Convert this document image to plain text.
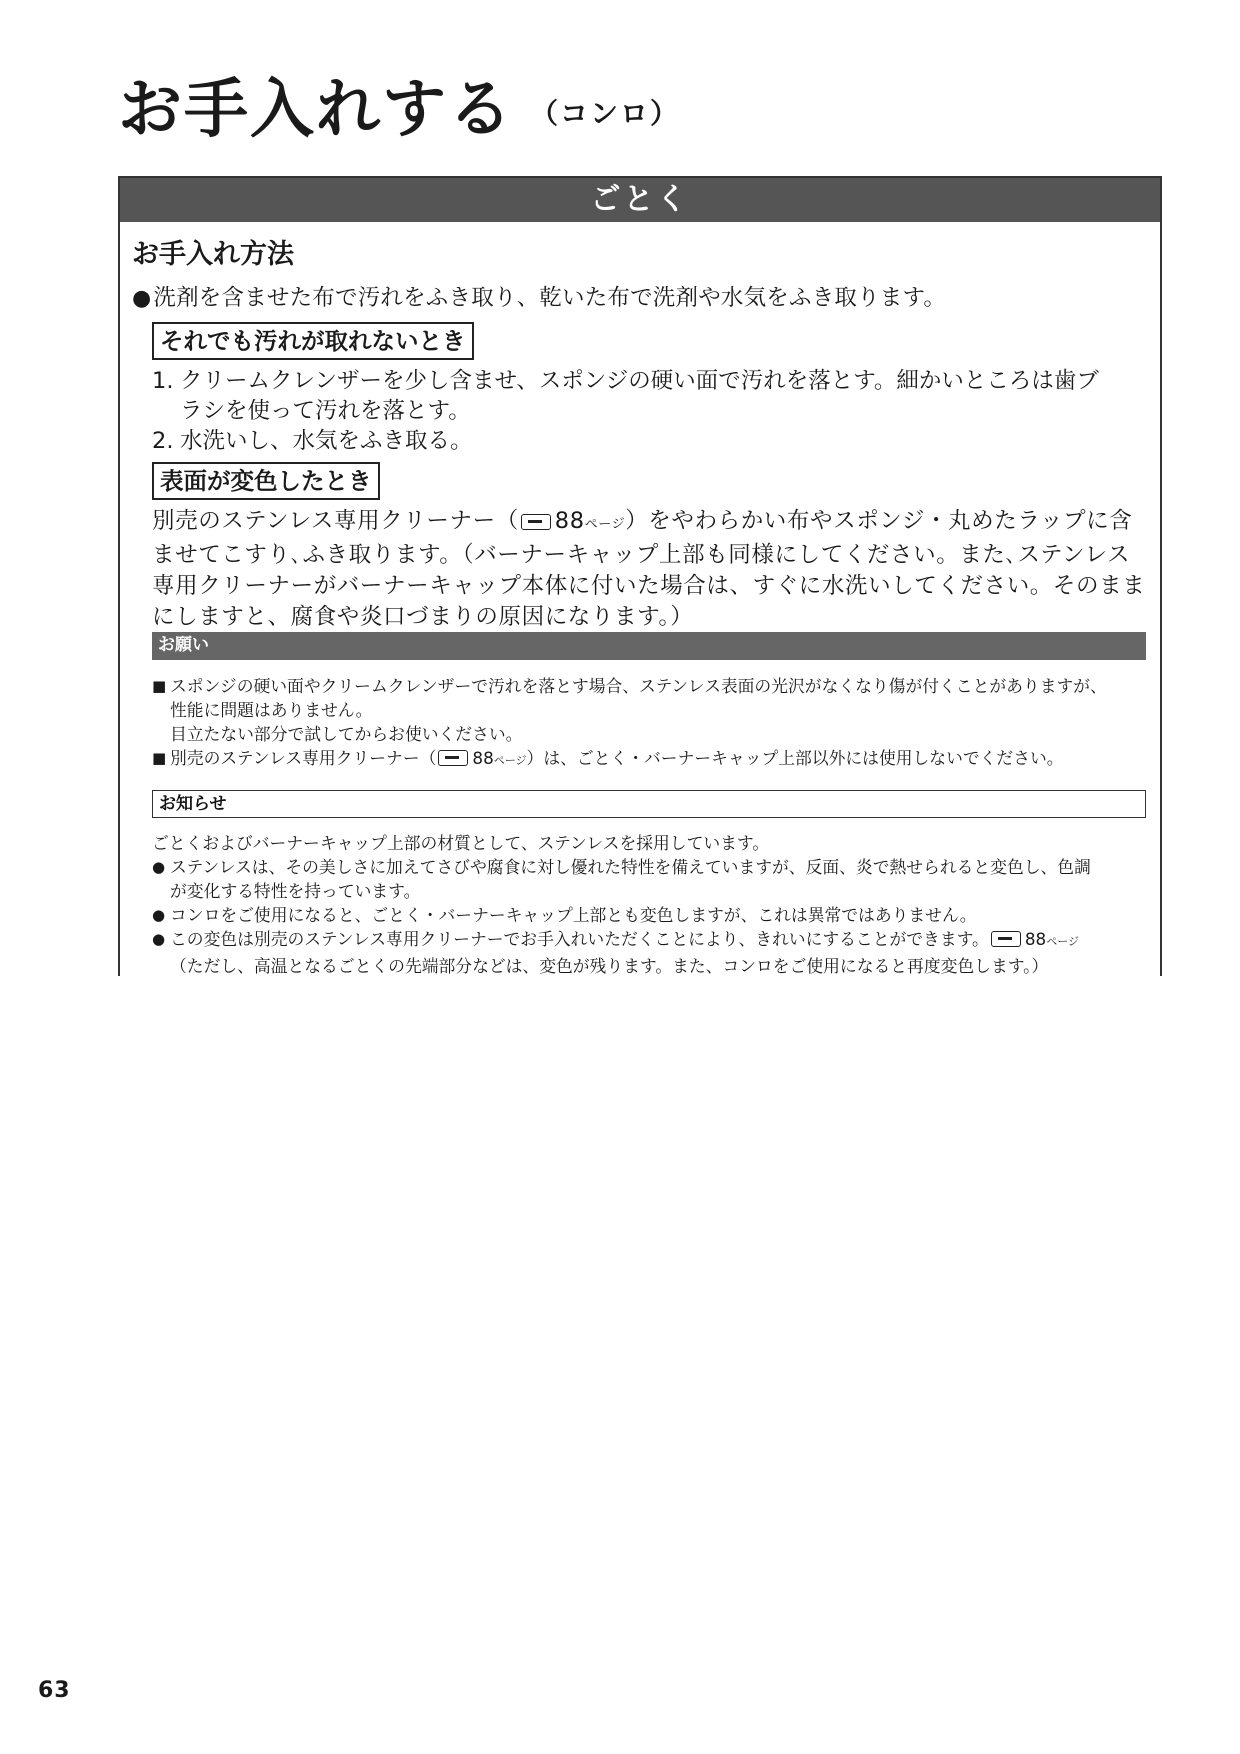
お手入れする $^{(コンロ)}$
ごとく
お手入れ方法
●洗剤を含ませた布で汚れをふき取り、乾いた布で洗剤や水気をふき取ります。
それでも汚れが取れないとき
1. クリームクレンザーを少し含ませ、スポンジの硬い面で汚れを落とす。細かいところは歯ブ
ラシを使って汚れを落とす。
2. 水洗いし、水気をふき取る。
表面が変色したとき
別売のステンレス専用クリーナー（ 88ページ）をやわらかい布やスポンジ・丸めたラップに含ませてこすり､ふき取ります。（バーナーキャップ上部も同様にしてください。また､ステンレス専用クリーナーがバーナーキャップ本体に付いた場合は、すぐに水洗いしてください。そのままにしますと、腐食や炎口づまりの原因になります。）
お願い
■ スポンジの硬い面やクリームクレンザーで汚れを落とす場合、ステンレス表面の光沢がなくなり傷が付くことがありますが、
性能に問題はありません。
目立たない部分で試してからお使いください。
■ 別売のステンレス専用クリーナー（ 88ページ）は、ごとく・バーナーキャップ上部以外には使用しないでください。
お知らせ
ごとくおよびバーナーキャップ上部の材質として、ステンレスを採用しています。
● ステンレスは、その美しさに加えてさびや腐食に対し優れた特性を備えていますが、反面、炎で熱せられると変色し、色調
が変化する特性を持っています。
● コンロをご使用になると、ごとく・バーナーキャップ上部とも変色しますが、これは異常ではありません。
● この変色は別売のステンレス専用クリーナーでお手入れいただくことにより、きれいにすることができます。 88ページ
（ただし、高温となるごとくの先端部分などは、変色が残ります。また、コンロをご使用になると再度変色します。）
63
